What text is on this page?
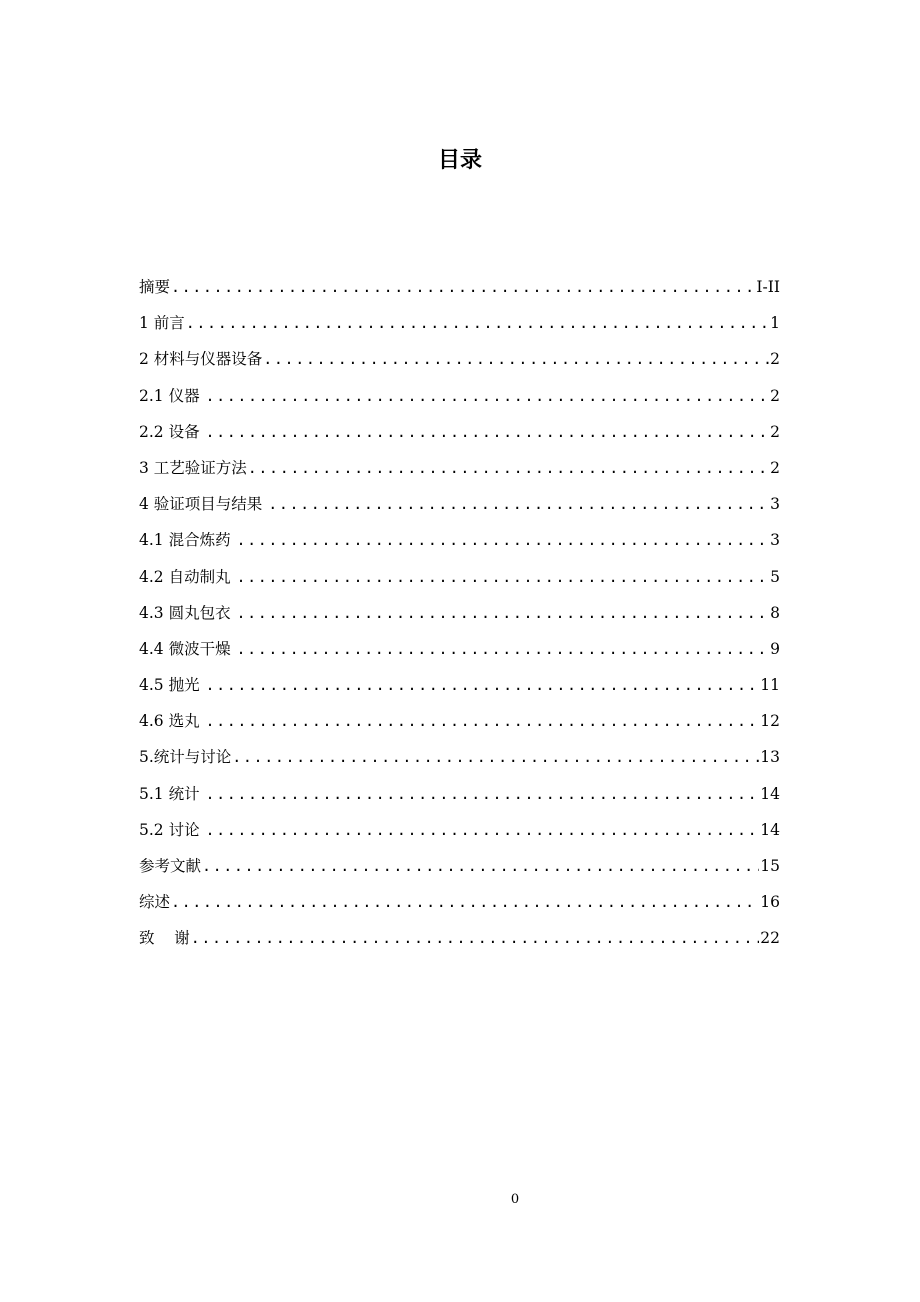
目录
摘要 .....	I-II
1 前言 .....	1
2 材料与仪器设备 .....	2
2.1 仪器 .....	2
2.2 设备 .....	2
3 工艺验证方法 .....	2
4 验证项目与结果 .....	3
4.1 混合炼药 .....	3
4.2 自动制丸 .....	5
4.3 圆丸包衣 .....	8
4.4 微波干燥 .....	9
4.5 抛光 .....	11
4.6 选丸 .....	12
5.统计与讨论 .....	13
5.1 统计 .....	14
5.2 讨论 .....	14
参考文献 .....	15
综述 .....	16
致    谢 .....	22
0
